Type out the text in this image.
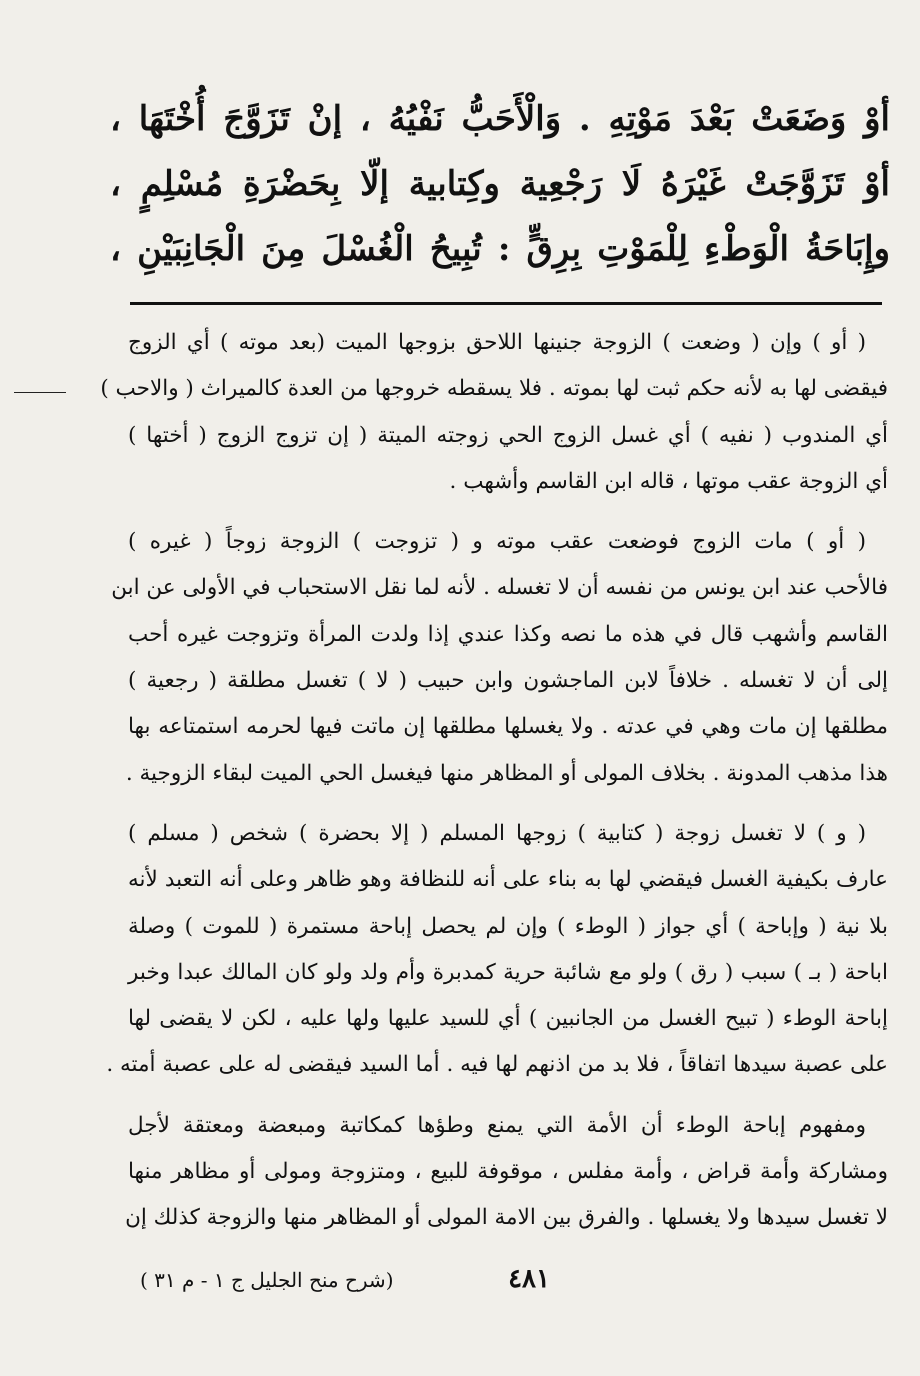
أوْ وَضَعَتْ بَعْدَ مَوْتِهِ . وَالْأَحَبُّ نَفْيُهُ ، إنْ تَزَوَّجَ أُخْتَهَا ،
أوْ تَزَوَّجَتْ غَيْرَهُ لَا رَجْعِية وكِتابية إلّا بِحَضْرَةِ مُسْلِمٍ ،
وإِبَاحَةُ الْوَطْءِ لِلْمَوْتِ بِرِقٍّ : تُبِيحُ الْغُسْلَ مِنَ الْجَانِبَيْنِ ،
( أو ) وإن ( وضعت ) الزوجة جنينها اللاحق بزوجها الميت (بعد موته ) أي الزوج
فيقضى لها به لأنه حكم ثبت لها بموته . فلا يسقطه خروجها من العدة كالميراث ( والاحب )
أي المندوب ( نفيه ) أي غسل الزوج الحي زوجته الميتة ( إن تزوج الزوج ( أختها )
أي الزوجة عقب موتها ، قاله ابن القاسم وأشهب .
( أو ) مات الزوج فوضعت عقب موته و ( تزوجت ) الزوجة زوجاً ( غيره )
فالأحب عند ابن يونس من نفسه أن لا تغسله . لأنه لما نقل الاستحباب في الأولى عن ابن
القاسم وأشهب قال في هذه ما نصه وكذا عندي إذا ولدت المرأة وتزوجت غيره أحب
إلى أن لا تغسله . خلافاً لابن الماجشون وابن حبيب ( لا ) تغسل مطلقة ( رجعية )
مطلقها إن مات وهي في عدته . ولا يغسلها مطلقها إن ماتت فيها لحرمه استمتاعه بها
هذا مذهب المدونة . بخلاف المولى أو المظاهر منها فيغسل الحي الميت لبقاء الزوجية .
( و ) لا تغسل زوجة ( كتابية ) زوجها المسلم ( إلا بحضرة ) شخص ( مسلم )
عارف بكيفية الغسل فيقضي لها به بناء على أنه للنظافة وهو ظاهر وعلى أنه التعبد لأنه
بلا نية ( وإباحة ) أي جواز ( الوطء ) وإن لم يحصل إباحة مستمرة ( للموت ) وصلة
اباحة ( بـ ) سبب ( رق ) ولو مع شائبة حرية كمدبرة وأم ولد ولو كان المالك عبدا وخبر
إباحة الوطء ( تبيح الغسل من الجانبين ) أي للسيد عليها ولها عليه ، لكن لا يقضى لها
على عصبة سيدها اتفاقاً ، فلا بد من اذنهم لها فيه . أما السيد فيقضى له على عصبة أمته .
ومفهوم إباحة الوطء أن الأمة التي يمنع وطؤها كمكاتبة ومبعضة ومعتقة لأجل
ومشاركة وأمة قراض ، وأمة مفلس ، موقوفة للبيع ، ومتزوجة ومولى أو مظاهر منها
لا تغسل سيدها ولا يغسلها . والفرق بين الامة المولى أو المظاهر منها والزوجة كذلك إن
٤٨١
(شرح منح الجليل ج ١ - م ٣١ )
